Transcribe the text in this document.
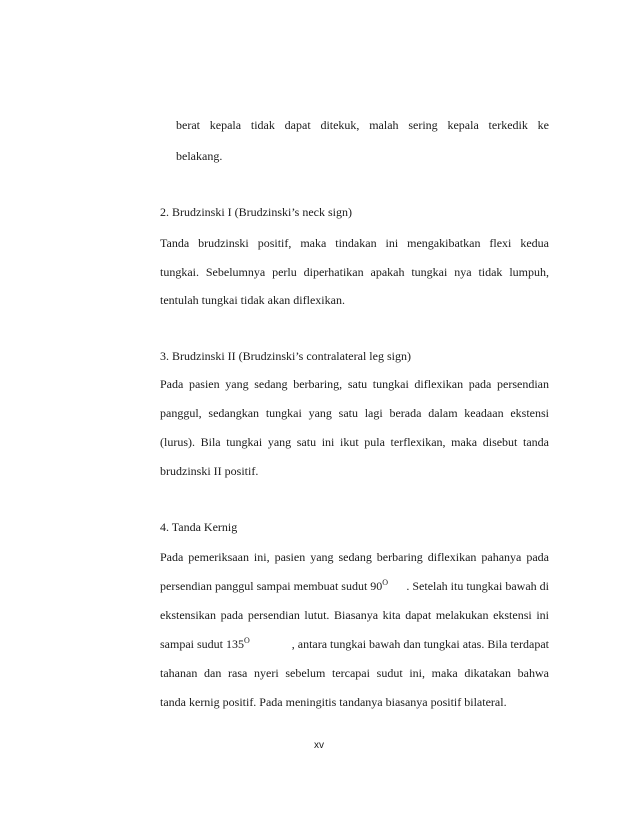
berat kepala tidak dapat ditekuk, malah sering kepala terkedik ke
belakang.
2. Brudzinski I (Brudzinski’s neck sign)
Tanda brudzinski positif, maka tindakan ini mengakibatkan flexi kedua
tungkai. Sebelumnya perlu diperhatikan apakah tungkai nya tidak lumpuh,
tentulah tungkai tidak akan diflexikan.
3. Brudzinski II (Brudzinski’s contralateral leg sign)
Pada pasien yang sedang berbaring, satu tungkai diflexikan pada persendian
panggul, sedangkan tungkai yang satu lagi berada dalam keadaan ekstensi
(lurus). Bila tungkai yang satu ini ikut pula terflexikan, maka disebut tanda
brudzinski II positif.
4. Tanda Kernig
Pada pemeriksaan ini, pasien yang sedang berbaring diflexikan pahanya pada
persendian panggul sampai membuat sudut $90^O$ . Setelah itu tungkai bawah di
ekstensikan pada persendian lutut. Biasanya kita dapat melakukan ekstensi ini
sampai sudut $135^O$	, antara tungkai bawah dan tungkai atas. Bila terdapat
tahanan dan rasa nyeri sebelum tercapai sudut ini, maka dikatakan bahwa
tanda kernig positif. Pada meningitis tandanya biasanya positif bilateral.
xv
